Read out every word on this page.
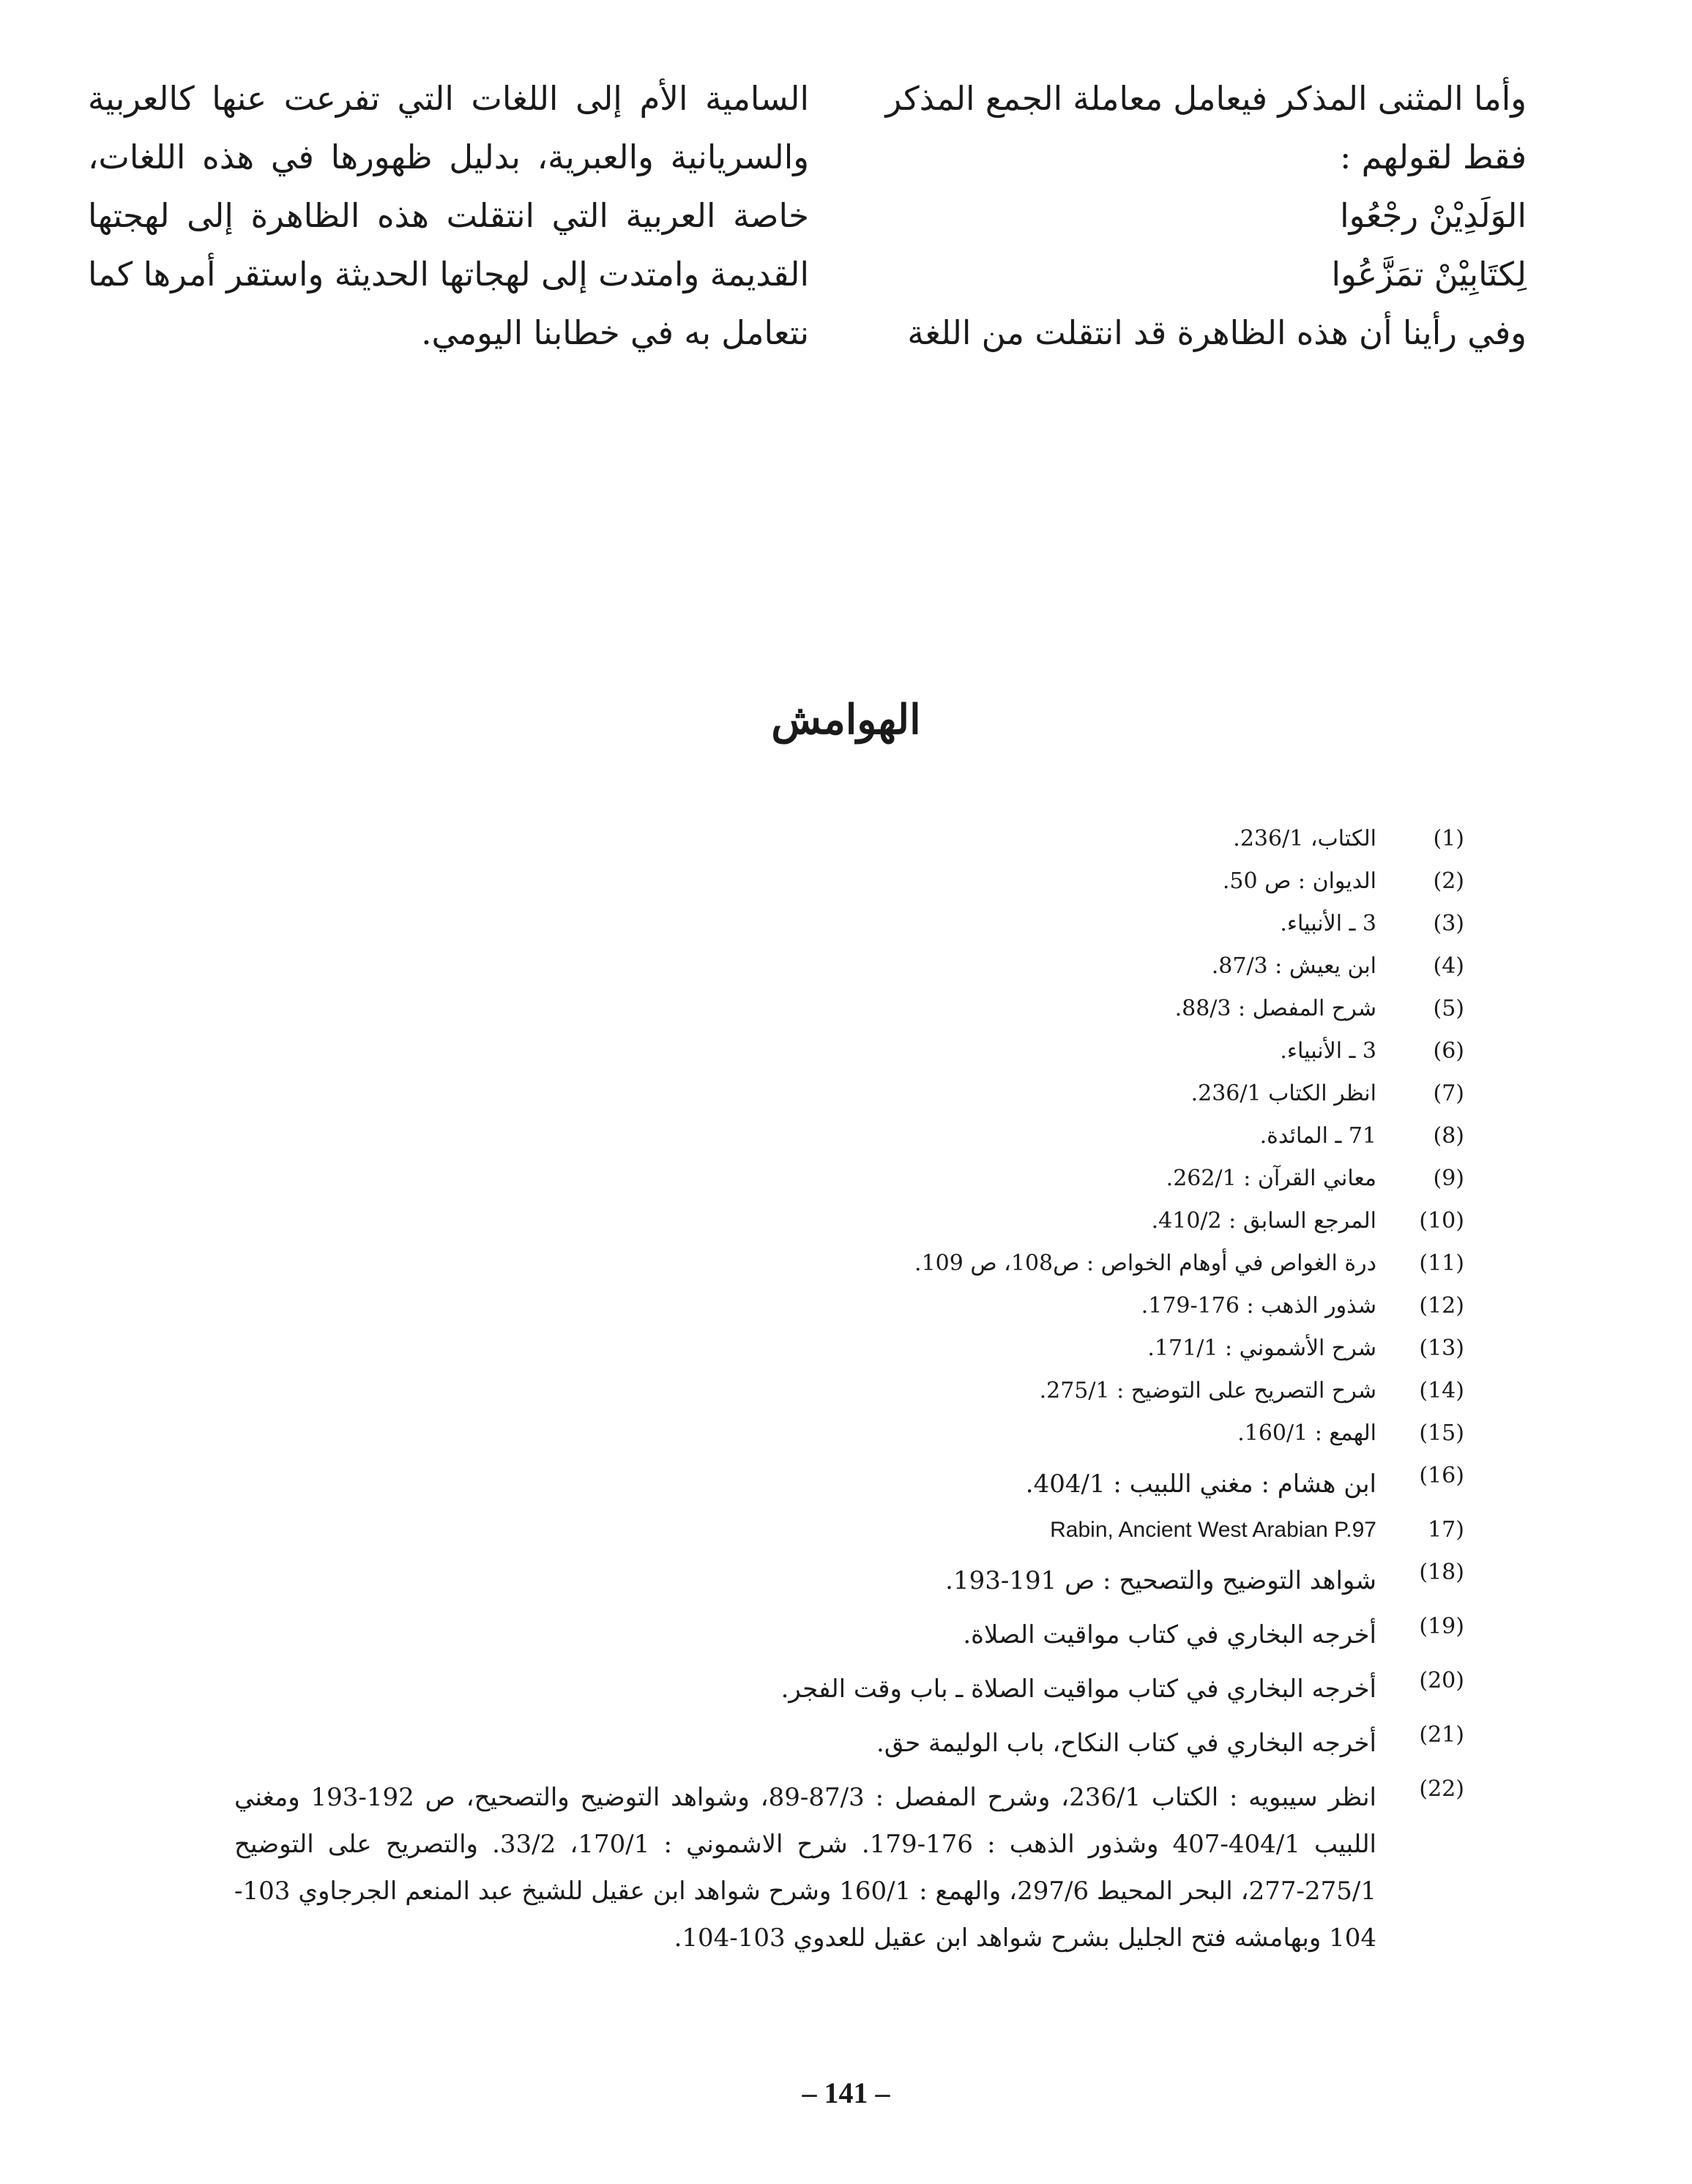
وأما المثنى المذكر فيعامل معاملة الجمع المذكر

فقط لقولهم :

الوَلَدِيْنْ رجْعُوا

لِكتَابِيْنْ تمَزَّعُوا

وفي رأينا أن هذه الظاهرة قد انتقلت من اللغة

السامية الأم إلى اللغات التي تفرعت عنها كالعربية والسريانية والعبرية، بدليل ظهورها في هذه اللغات، خاصة العربية التي انتقلت هذه الظاهرة إلى لهجتها القديمة وامتدت إلى لهجاتها الحديثة واستقر أمرها كما نتعامل به في خطابنا اليومي.

الهوامش
(1)
الكتاب، 236/1.
(2)
الديوان : ص 50.
(3)
3 ـ الأنبياء.
(4)
ابن يعيش : 87/3.
(5)
شرح المفصل : 88/3.
(6)
3 ـ الأنبياء.
(7)
انظر الكتاب 236/1.
(8)
71 ـ المائدة.
(9)
معاني القرآن : 262/1.
(10)
المرجع السابق : 410/2.
(11)
درة الغواص في أوهام الخواص : ص108، ص 109.
(12)
شذور الذهب : 176-179.
(13)
شرح الأشموني : 171/1.
(14)
شرح التصريح على التوضيح : 275/1.
(15)
الهمع : 160/1.
(16)
ابن هشام : مغني اللبيب : 404/1.
(17
Rabin, Ancient West Arabian P.97
(18)
شواهد التوضيح والتصحيح : ص 191-193.
(19)
أخرجه البخاري في كتاب مواقيت الصلاة.
(20)
أخرجه البخاري في كتاب مواقيت الصلاة ـ باب وقت الفجر.
(21)
أخرجه البخاري في كتاب النكاح، باب الوليمة حق.
(22)
انظر سيبويه : الكتاب 236/1، وشرح المفصل : 87/3-89، وشواهد التوضيح والتصحيح، ص 192-193 ومغني اللبيب 404/1-407 وشذور الذهب : 176-179. شرح الاشموني : 170/1، 33/2. والتصريح على التوضيح 275/1-277، البحر المحيط 297/6، والهمع : 160/1 وشرح شواهد ابن عقيل للشيخ عبد المنعم الجرجاوي 103-104 وبهامشه فتح الجليل بشرح شواهد ابن عقيل للعدوي 103-104.
– 141 –
